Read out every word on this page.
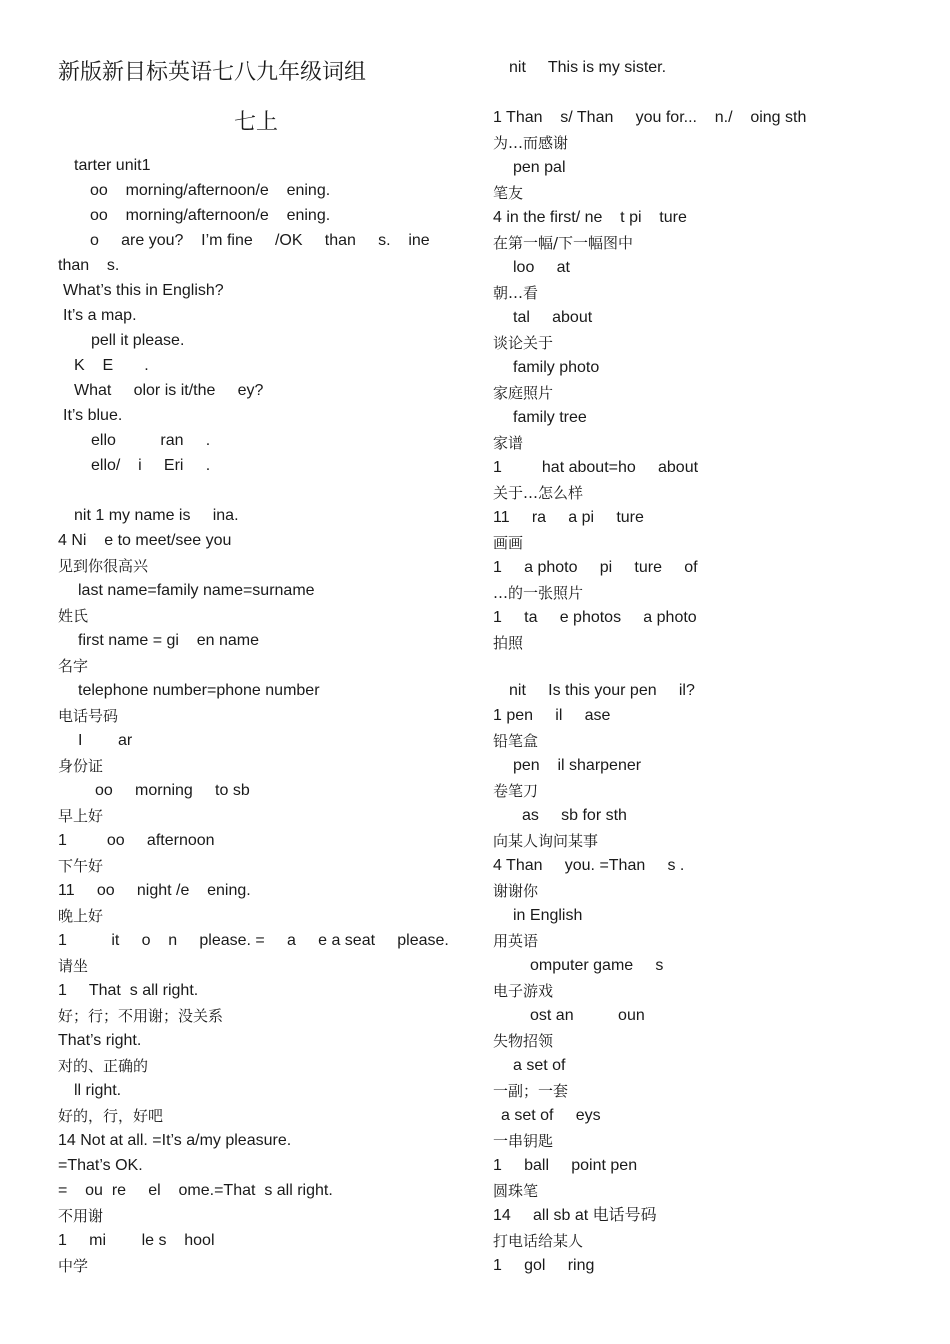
新版新目标英语七八九年级词组
七上
tarter unit1
oo    morning/afternoon/e    ening.
oo    morning/afternoon/e    ening.
o     are you?    I’m fine     /OK     than     s.    ine
than    s.
What’s this in English?
It’s a map.
pell it please.
K    E       .
What     olor is it/the     ey?
It’s blue.
ello          ran     .
ello/    i     Eri     .
nit 1 my name is     ina.
4 Ni    e to meet/see you
见到你很高兴
last name=family name=surname
姓氏
first name = gi    en name
名字
telephone number=phone number
电话号码
I        ar
身份证
oo     morning     to sb
早上好
1         oo     afternoon
下午好
11     oo     night /e    ening.
晚上好
1          it     o    n     please. =     a     e a seat     please.
请坐
1     That  s all right.
好；行；不用谢；没关系
That’s right.
对的、正确的
ll right.
好的，行，好吧
14 Not at all. =It’s a/my pleasure.
=That’s OK.
=    ou  re     el    ome.=That  s all right.
不用谢
1     mi        le s    hool
中学
nit     This is my sister.
1 Than    s/ Than     you for...    n./    oing sth
为…而感谢
pen pal
笔友
4 in the first/ ne    t pi    ture
在第一幅/下一幅图中
loo     at
朝…看
tal     about
谈论关于
family photo
家庭照片
family tree
家谱
1         hat about=ho     about
关于…怎么样
11     ra     a pi     ture
画画
1     a photo     pi     ture     of
…的一张照片
1     ta     e photos     a photo
拍照
nit     Is this your pen     il?
1 pen     il     ase
铅笔盒
pen    il sharpener
卷笔刀
as     sb for sth
向某人询问某事
4 Than     you. =Than     s .
谢谢你
in English
用英语
omputer game     s
电子游戏
ost an          oun
失物招领
a set of
一副；一套
a set of     eys
一串钥匙
1     ball     point pen
圆珠笔
14     all sb at 电话号码
打电话给某人
1     gol     ring
